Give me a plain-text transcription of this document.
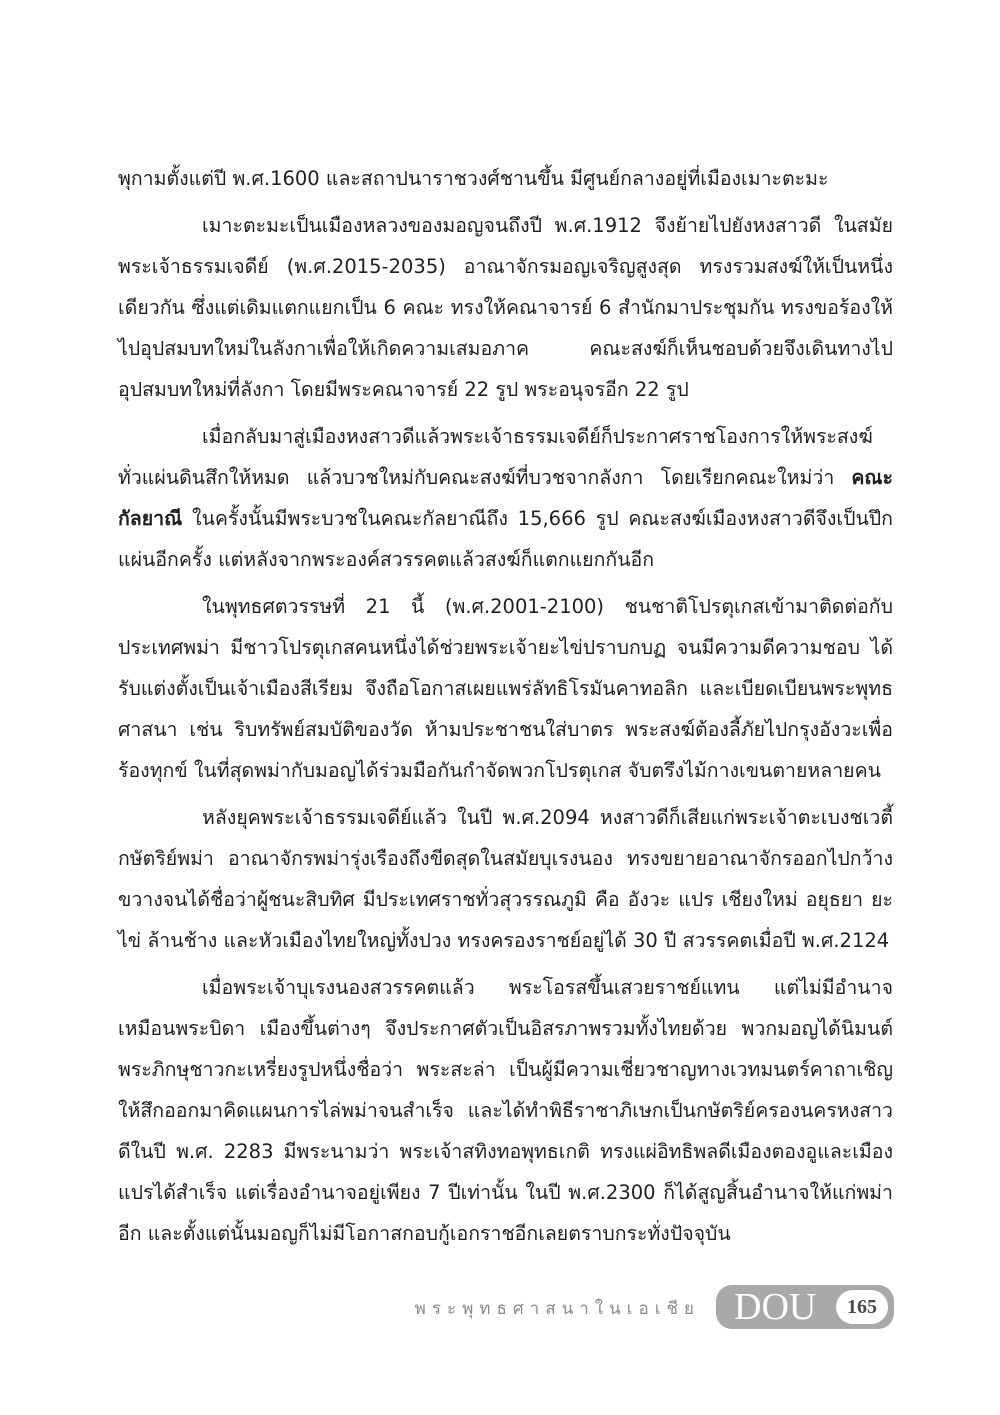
พุกามตั้งแต่ปี พ.ศ.1600 และสถาปนาราชวงศ์ชานขึ้น มีศูนย์กลางอยู่ที่เมืองเมาะตะมะ

เมาะตะมะเป็นเมืองหลวงของมอญจนถึงปี พ.ศ.1912 จึงย้ายไปยังหงสาวดี ในสมัยพระเจ้าธรรมเจดีย์ (พ.ศ.2015-2035) อาณาจักรมอญเจริญสูงสุด ทรงรวมสงฆ์ให้เป็นหนึ่งเดียวกัน ซึ่งแต่เดิมแตกแยกเป็น 6 คณะ ทรงให้คณาจารย์ 6 สำนักมาประชุมกัน ทรงขอร้องให้ไปอุปสมบทใหม่ในลังกาเพื่อให้เกิดความเสมอภาค คณะสงฆ์ก็เห็นชอบด้วยจึงเดินทางไปอุปสมบทใหม่ที่ลังกา โดยมีพระคณาจารย์ 22 รูป พระอนุจรอีก 22 รูป

เมื่อกลับมาสู่เมืองหงสาวดีแล้วพระเจ้าธรรมเจดีย์ก็ประกาศราชโองการให้พระสงฆ์ทั่วแผ่นดินสึกให้หมด แล้วบวชใหม่กับคณะสงฆ์ที่บวชจากลังกา โดยเรียกคณะใหม่ว่า คณะกัลยาณี ในครั้งนั้นมีพระบวชในคณะกัลยาณีถึง 15,666 รูป คณะสงฆ์เมืองหงสาวดีจึงเป็นปึกแผ่นอีกครั้ง แต่หลังจากพระองค์สวรรคตแล้วสงฆ์ก็แตกแยกกันอีก

ในพุทธศตวรรษที่ 21 นี้ (พ.ศ.2001-2100) ชนชาติโปรตุเกสเข้ามาติดต่อกับประเทศพม่า มีชาวโปรตุเกสคนหนึ่งได้ช่วยพระเจ้ายะไข่ปราบกบฏ จนมีความดีความชอบ ได้รับแต่งตั้งเป็นเจ้าเมืองสีเรียม จึงถือโอกาสเผยแพร่ลัทธิโรมันคาทอลิก และเบียดเบียนพระพุทธศาสนา เช่น ริบทรัพย์สมบัติของวัด ห้ามประชาชนใส่บาตร พระสงฆ์ต้องลี้ภัยไปกรุงอังวะเพื่อร้องทุกข์ ในที่สุดพม่ากับมอญได้ร่วมมือกันกำจัดพวกโปรตุเกส จับตรึงไม้กางเขนตายหลายคน

หลังยุคพระเจ้าธรรมเจดีย์แล้ว ในปี พ.ศ.2094 หงสาวดีก็เสียแก่พระเจ้าตะเบงชเวตี้ กษัตริย์พม่า อาณาจักรพม่ารุ่งเรืองถึงขีดสุดในสมัยบุเรงนอง ทรงขยายอาณาจักรออกไปกว้างขวางจนได้ชื่อว่าผู้ชนะสิบทิศ มีประเทศราชทั่วสุวรรณภูมิ คือ อังวะ แปร เชียงใหม่ อยุธยา ยะไข่ ล้านช้าง และหัวเมืองไทยใหญ่ทั้งปวง ทรงครองราชย์อยู่ได้ 30 ปี สวรรคตเมื่อปี พ.ศ.2124

เมื่อพระเจ้าบุเรงนองสวรรคตแล้ว พระโอรสขึ้นเสวยราชย์แทน แต่ไม่มีอำนาจเหมือนพระบิดา เมืองขึ้นต่างๆ จึงประกาศตัวเป็นอิสรภาพรวมทั้งไทยด้วย พวกมอญได้นิมนต์พระภิกษุชาวกะเหรี่ยงรูปหนึ่งชื่อว่า พระสะล่า เป็นผู้มีความเชี่ยวชาญทางเวทมนตร์คาถาเชิญให้สึกออกมาคิดแผนการไล่พม่าจนสำเร็จ และได้ทำพิธีราชาภิเษกเป็นกษัตริย์ครองนครหงสาวดีในปี พ.ศ. 2283 มีพระนามว่า พระเจ้าสทิงทอพุทธเกติ ทรงแผ่อิทธิพลดีเมืองตองอูและเมืองแปรได้สำเร็จ แต่เรื่องอำนาจอยู่เพียง 7 ปีเท่านั้น ในปี พ.ศ.2300 ก็ได้สูญสิ้นอำนาจให้แก่พม่าอีก และตั้งแต่นั้นมอญก็ไม่มีโอกาสกอบกู้เอกราชอีกเลยตราบกระทั่งปัจจุบัน

พระพุทธศาสนาในเอเชีย DOU	165
